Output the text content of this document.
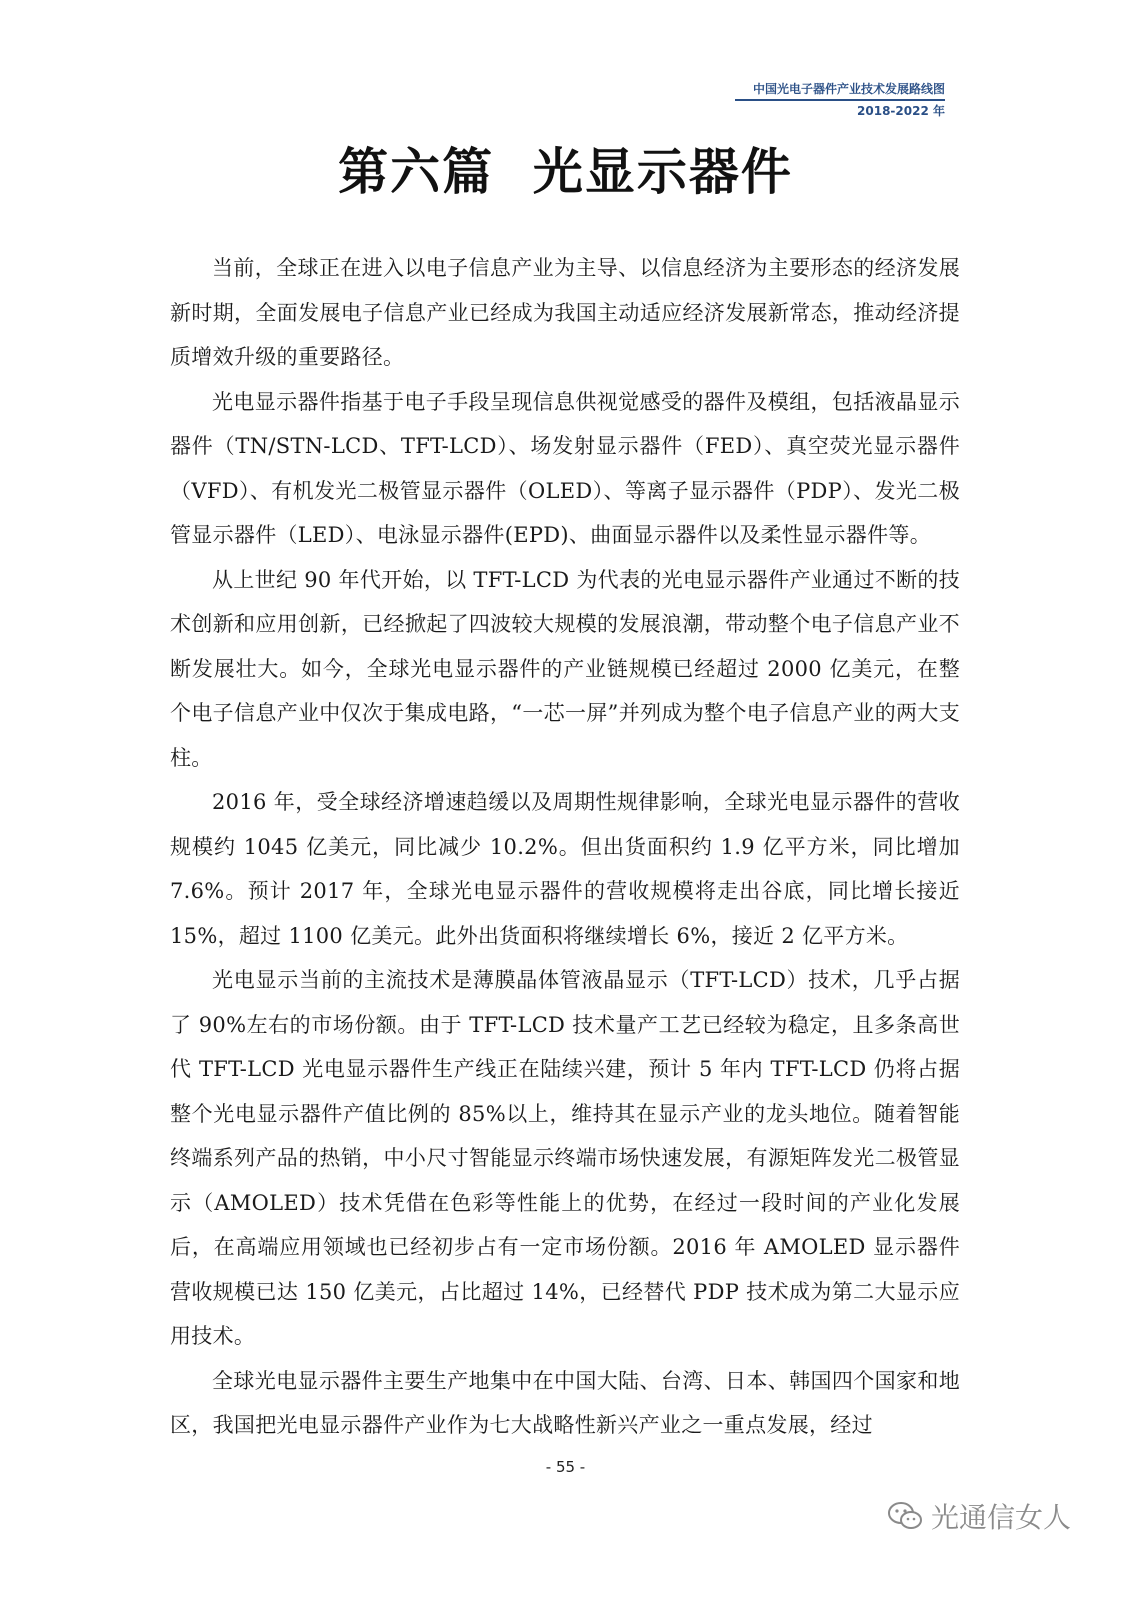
中国光电子器件产业技术发展路线图
2018-2022 年
第六篇  光显示器件

当前，全球正在进入以电子信息产业为主导、以信息经济为主要形态的经济发展新时期，全面发展电子信息产业已经成为我国主动适应经济发展新常态，推动经济提质增效升级的重要路径。

光电显示器件指基于电子手段呈现信息供视觉感受的器件及模组，包括液晶显示器件（TN/STN-LCD、TFT-LCD）、场发射显示器件（FED）、真空荧光显示器件（VFD）、有机发光二极管显示器件（OLED）、等离子显示器件（PDP）、发光二极管显示器件（LED）、电泳显示器件(EPD)、曲面显示器件以及柔性显示器件等。

从上世纪 90 年代开始，以 TFT-LCD 为代表的光电显示器件产业通过不断的技术创新和应用创新，已经掀起了四波较大规模的发展浪潮，带动整个电子信息产业不断发展壮大。如今，全球光电显示器件的产业链规模已经超过 2000 亿美元，在整个电子信息产业中仅次于集成电路，“一芯一屏”并列成为整个电子信息产业的两大支柱。

2016 年，受全球经济增速趋缓以及周期性规律影响，全球光电显示器件的营收规模约 1045 亿美元，同比减少 10.2%。但出货面积约 1.9 亿平方米，同比增加 7.6%。预计 2017 年，全球光电显示器件的营收规模将走出谷底，同比增长接近 15%，超过 1100 亿美元。此外出货面积将继续增长 6%，接近 2 亿平方米。

光电显示当前的主流技术是薄膜晶体管液晶显示（TFT-LCD）技术，几乎占据了 90%左右的市场份额。由于 TFT-LCD 技术量产工艺已经较为稳定，且多条高世代 TFT-LCD 光电显示器件生产线正在陆续兴建，预计 5 年内 TFT-LCD 仍将占据整个光电显示器件产值比例的 85%以上，维持其在显示产业的龙头地位。随着智能终端系列产品的热销，中小尺寸智能显示终端市场快速发展，有源矩阵发光二极管显示（AMOLED）技术凭借在色彩等性能上的优势，在经过一段时间的产业化发展后，在高端应用领域也已经初步占有一定市场份额。2016 年 AMOLED 显示器件营收规模已达 150 亿美元，占比超过 14%，已经替代 PDP 技术成为第二大显示应用技术。

全球光电显示器件主要生产地集中在中国大陆、台湾、日本、韩国四个国家和地区，我国把光电显示器件产业作为七大战略性新兴产业之一重点发展，经过

- 55 -
光通信女人
